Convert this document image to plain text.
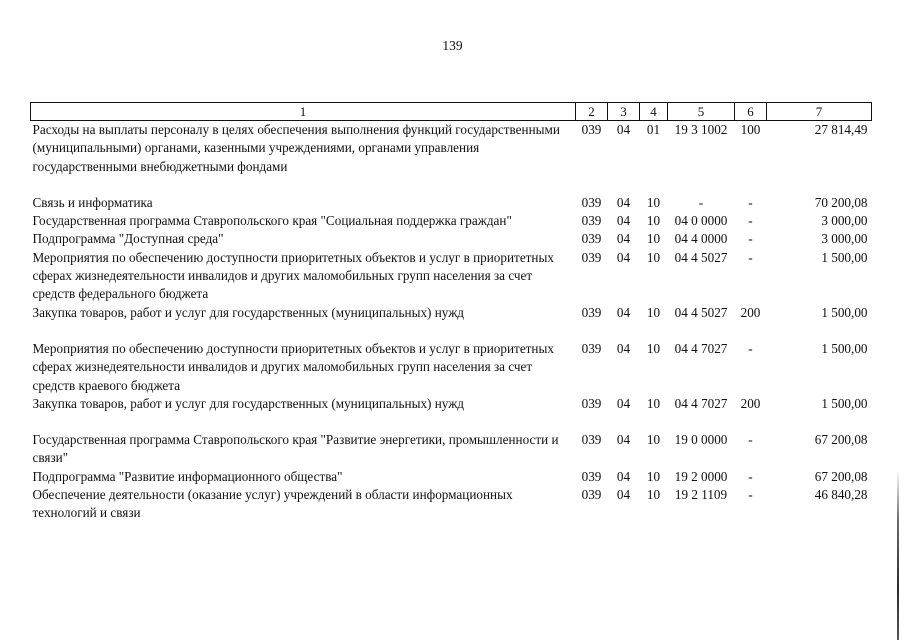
139
1	2	3	4	5	6	7
Расходы на выплаты персоналу в целях обеспечения выполнения функций государственными (муниципальными) органами, казенными учреждениями, органами управления государственными внебюджетными фондами	039	04	01	19 3 1002	100	27 814,49
Связь и информатика	039	04	10	-	-	70 200,08
Государственная программа Ставропольского края "Социальная поддержка граждан"	039	04	10	04 0 0000	-	3 000,00
Подпрограмма "Доступная среда"	039	04	10	04 4 0000	-	3 000,00
Мероприятия по обеспечению доступности приоритетных объектов и услуг в приоритетных сферах жизнедеятельности инвалидов и других маломобильных групп населения за счет средств федерального бюджета	039	04	10	04 4 5027	-	1 500,00
Закупка товаров, работ и услуг для государственных (муниципальных) нужд	039	04	10	04 4 5027	200	1 500,00
Мероприятия по обеспечению доступности приоритетных объектов и услуг в приоритетных сферах жизнедеятельности инвалидов и других маломобильных групп населения за счет средств краевого бюджета	039	04	10	04 4 7027	-	1 500,00
Закупка товаров, работ и услуг для государственных (муниципальных) нужд	039	04	10	04 4 7027	200	1 500,00
Государственная программа Ставропольского края "Развитие энергетики, промышленности и связи"	039	04	10	19 0 0000	-	67 200,08
Подпрограмма "Развитие информационного общества"	039	04	10	19 2 0000	-	67 200,08
Обеспечение деятельности (оказание услуг) учреждений в области информационных технологий и связи	039	04	10	19 2 1109	-	46 840,28
